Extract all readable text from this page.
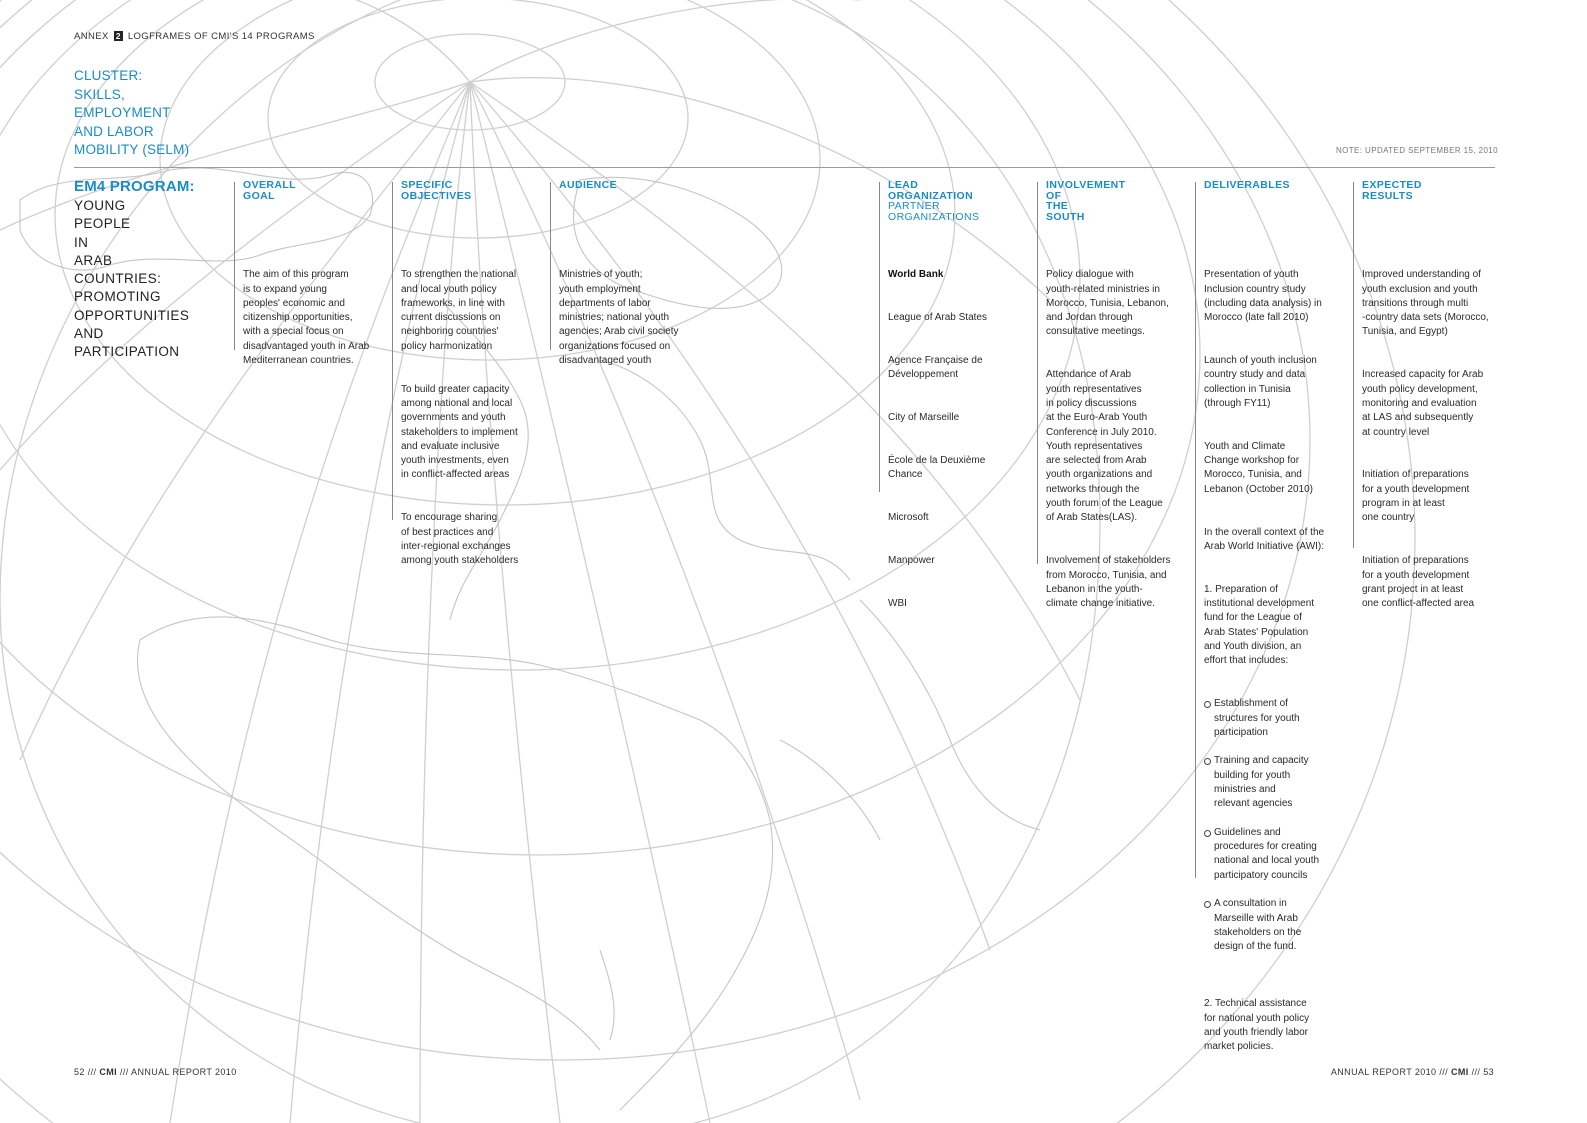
ANNEX 2 LOGFRAMES OF CMI'S 14 PROGRAMS
CLUSTER:
SKILLS,
EMPLOYMENT
AND LABOR
MOBILITY (SELM)	NOTE: UPDATED SEPTEMBER 15, 2010
EM4 PROGRAM:
YOUNG
PEOPLE
IN
ARAB
COUNTRIES:
PROMOTING
OPPORTUNITIES
AND
PARTICIPATION
OVERALL
GOAL

The aim of this program
is to expand young
peoples' economic and
citizenship opportunities,
with a special focus on
disadvantaged youth in Arab
Mediterranean countries.

SPECIFIC
OBJECTIVES

To strengthen the national
and local youth policy
frameworks, in line with
current discussions on
neighboring countries'
policy harmonization

To build greater capacity
among national and local
governments and youth
stakeholders to implement
and evaluate inclusive
youth investments, even
in conflict-affected areas

To encourage sharing
of best practices and
inter-regional exchanges
among youth stakeholders

AUDIENCE

Ministries of youth;
youth employment
departments of labor
ministries; national youth
agencies; Arab civil society
organizations focused on
disadvantaged youth

LEAD
ORGANIZATION
PARTNER
ORGANIZATIONS

World Bank

League of Arab States

Agence Française de
Développement

City of Marseille

École de la Deuxième
Chance

Microsoft

Manpower

WBI

INVOLVEMENT
OF
THE
SOUTH

Policy dialogue with
youth-related ministries in
Morocco, Tunisia, Lebanon,
and Jordan through
consultative meetings.

Attendance of Arab
youth representatives
in policy discussions
at the Euro-Arab Youth
Conference in July 2010.
Youth representatives
are selected from Arab
youth organizations and
networks through the
youth forum of the League
of Arab States(LAS).

Involvement of stakeholders
from Morocco, Tunisia, and
Lebanon in the youth-
climate change initiative.

DELIVERABLES

Presentation of youth
Inclusion country study
(including data analysis) in
Morocco (late fall 2010)

Launch of youth inclusion
country study and data
collection in Tunisia
(through FY11)

Youth and Climate
Change workshop for
Morocco, Tunisia, and
Lebanon (October 2010)

In the overall context of the
Arab World Initiative (AWI):

1. Preparation of
institutional development
fund for the League of
Arab States' Population
and Youth division, an
effort that includes:

Establishment of
structures for youth
participation

Training and capacity
building for youth
ministries and
relevant agencies

Guidelines and
procedures for creating
national and local youth
participatory councils

A consultation in
Marseille with Arab
stakeholders on the
design of the fund.

2. Technical assistance
for national youth policy
and youth friendly labor
market policies.

EXPECTED
RESULTS

Improved understanding of
youth exclusion and youth
transitions through multi
-country data sets (Morocco,
Tunisia, and Egypt)

Increased capacity for Arab
youth policy development,
monitoring and evaluation
at LAS and subsequently
at country level

Initiation of preparations
for a youth development
program in at least
one country

Initiation of preparations
for a youth development
grant project in at least
one conflict-affected area

52 /// CMI /// ANNUAL REPORT 2010	ANNUAL REPORT 2010 /// CMI /// 53
